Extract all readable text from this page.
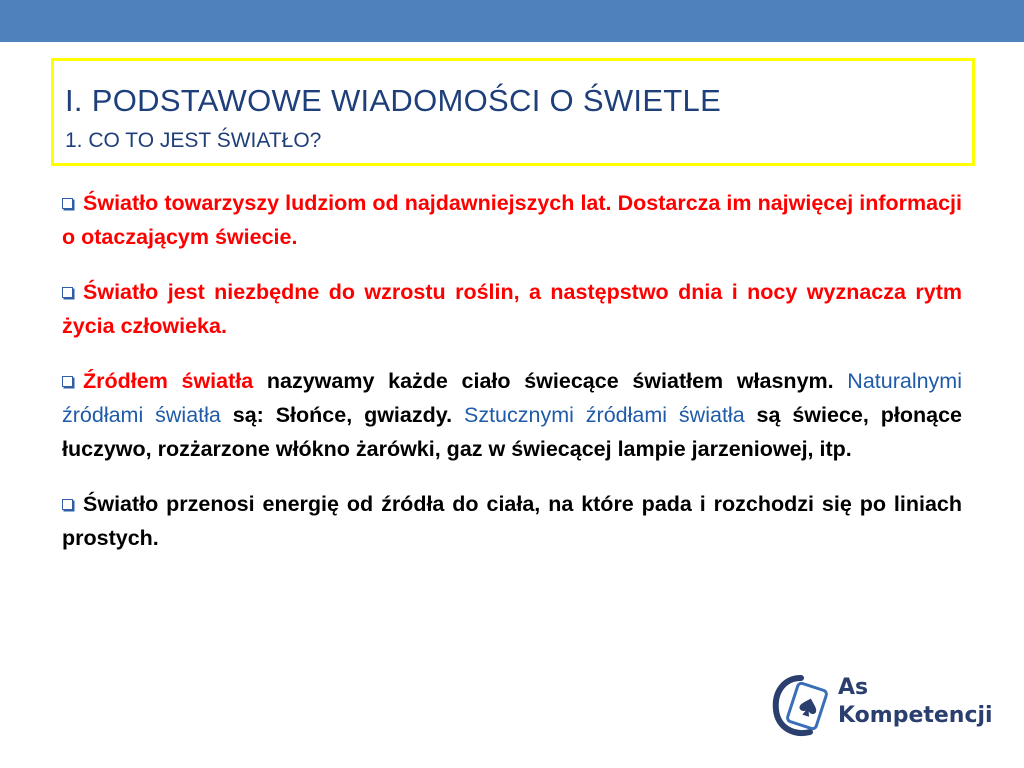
I. PODSTAWOWE WIADOMOŚCI O ŚWIETLE
1. CO TO JEST ŚWIATŁO?

Światło towarzyszy ludziom od najdawniejszych lat. Dostarcza im najwięcej informacji o otaczającym świecie.

Światło jest niezbędne do wzrostu roślin, a następstwo dnia i nocy wyznacza rytm życia człowieka.

Źródłem światła nazywamy każde ciało świecące światłem własnym. Naturalnymi źródłami światła są: Słońce, gwiazdy. Sztucznymi źródłami światła są świece, płonące łuczywo, rozżarzone włókno żarówki, gaz w świecącej lampie jarzeniowej, itp.

Światło przenosi energię od źródła do ciała, na które pada i rozchodzi się po liniach prostych.

As
Kompetencji
